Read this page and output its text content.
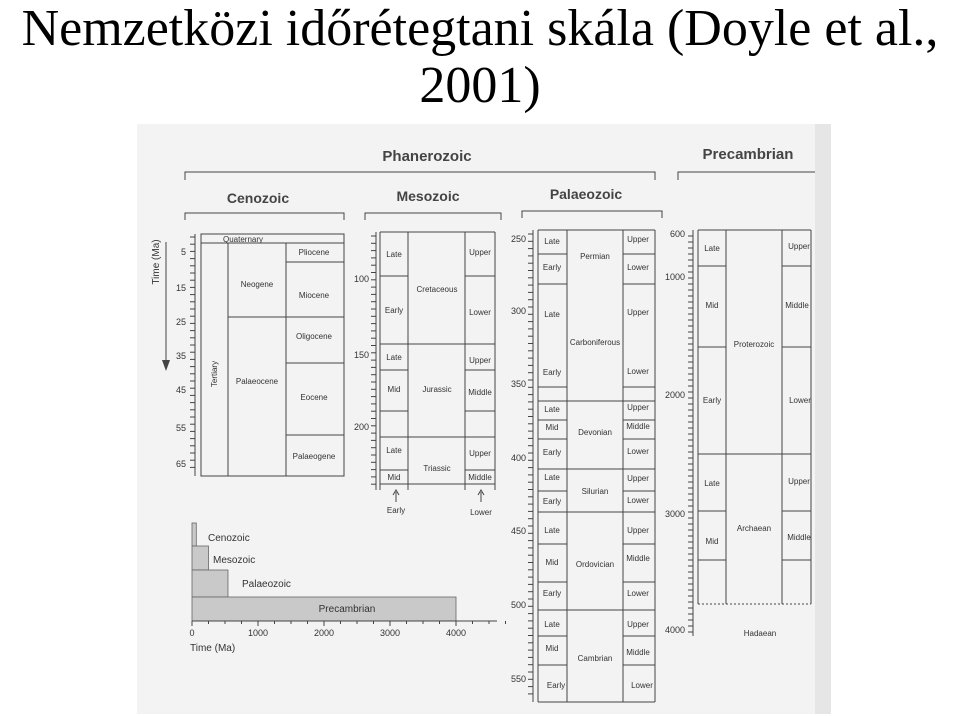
Nemzetközi időrétegtani skála (Doyle et al., 2001)
Phanerozoic	Precambrian
Cenozoic	Mesozoic	Palaeozoic
Time (Ma) 5
15
25
35
45
55
65
Quaternary
Tertiary
Neogene
Palaeocene
Pliocene
Miocene
Oligocene
Eocene
Palaeogene
100
150
200
Cretaceous
Jurassic
Triassic
Late
Early
Late
Mid
Late
Mid
Early
Upper
Lower
Upper
Middle
Upper
Middle
Lower
250
300
350
400
450
500
550
Permian
Carboniferous
Devonian
Silurian
Ordovician
Cambrian
Late
Early
Late
Early
Late
Mid
Early
Late
Early
Late
Mid
Early
Late
Mid
Early
Upper
Lower
Upper
Lower
Upper
Middle
Lower
Upper
Lower
Upper
Middle
Lower
Upper
Middle
Lower
600
1000
2000
3000
4000
Proterozoic
Archaean
Hadaean
Late
Mid
Early
Late
Mid
Upper
Middle
Lower
Upper
Middle
Cenozoic
Mesozoic
Palaeozoic
Precambrian
0	1000	2000	3000	4000
Time (Ma)
